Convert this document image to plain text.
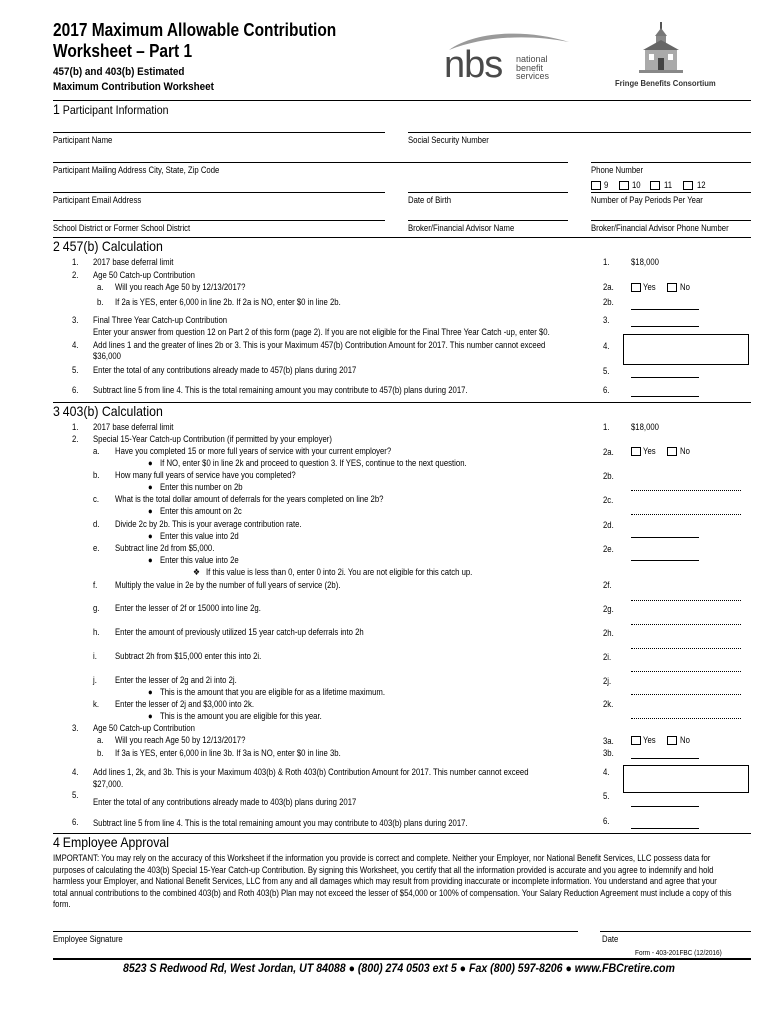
2017 Maximum Allowable Contribution
Worksheet – Part 1
457(b) and 403(b) Estimated
Maximum Contribution Worksheet
nbs national
benefit
services
Fringe Benefits Consortium
1 Participant Information
Participant Name	Social Security Number
Participant Mailing Address City, State, Zip Code	Phone Number
9	10	11	12
Participant Email Address	Date of Birth	Number of Pay Periods Per Year
School District or Former School District	Broker/Financial Advisor Name	Broker/Financial Advisor Phone Number
2 457(b) Calculation
1. 2017 base deferral limit	1. $18,000
2. Age 50 Catch-up Contribution
a. Will you reach Age 50 by 12/13/2017?	2a.	Yes	No
b. If 2a is YES, enter 6,000 in line 2b. If 2a is NO, enter $0 in line 2b.	2b.
3. Final Three Year Catch-up Contribution	3.
Enter your answer from question 12 on Part 2 of this form (page 2). If you are not eligible for the Final Three Year Catch -up, enter $0.
4. Add lines 1 and the greater of lines 2b or 3. This is your Maximum 457(b) Contribution Amount for 2017. This number cannot exceed
$36,000
4.
5. Enter the total of any contributions already made to 457(b) plans during 2017	5.
6. Subtract line 5 from line 4. This is the total remaining amount you may contribute to 457(b) plans during 2017.	6.
3 403(b) Calculation
1. 2017 base deferral limit	1. $18,000
2. Special 15-Year Catch-up Contribution (if permitted by your employer)
a. Have you completed 15 or more full years of service with your current employer?	2a.	Yes	No
● If NO, enter $0 in line 2k and proceed to question 3. If YES, continue to the next question.
b. How many full years of service have you completed?	2b.
● Enter this number on 2b
c. What is the total dollar amount of deferrals for the years completed on line 2b?	2c.
● Enter this amount on 2c
d. Divide 2c by 2b. This is your average contribution rate.	2d.
● Enter this value into 2d
e. Subtract line 2d from $5,000.	2e.
● Enter this value into 2e
❖ If this value is less than 0, enter 0 into 2i. You are not eligible for this catch up.
f. Multiply the value in 2e by the number of full years of service (2b).	2f.
g. Enter the lesser of 2f or 15000 into line 2g.	2g.
h. Enter the amount of previously utilized 15 year catch-up deferrals into 2h	2h.
i. Subtract 2h from $15,000 enter this into 2i.	2i.
j. Enter the lesser of 2g and 2i into 2j.	2j.
● This is the amount that you are eligible for as a lifetime maximum.
k. Enter the lesser of 2j and $3,000 into 2k.	2k.
● This is the amount you are eligible for this year.
3. Age 50 Catch-up Contribution
a. Will you reach Age 50 by 12/13/2017?	3a.	Yes	No
b. If 3a is YES, enter 6,000 in line 3b. If 3a is NO, enter $0 in line 3b.	3b.
4. Add lines 1, 2k, and 3b. This is your Maximum 403(b) & Roth 403(b) Contribution Amount for 2017. This number cannot exceed
$27,000.
4.
5.
Enter the total of any contributions already made to 403(b) plans during 2017
5.
6. Subtract line 5 from line 4. This is the total remaining amount you may contribute to 403(b) plans during 2017.	6.
4 Employee Approval
IMPORTANT: You may rely on the accuracy of this Worksheet if the information you provide is correct and complete. Neither your Employer, nor National Benefit Services, LLC possess data for purposes of calculating the 403(b) Special 15-Year Catch-up Contribution. By signing this Worksheet, you certify that all the information provided is accurate and you agree to indemnify and hold harmless your Employer, and National Benefit Services, LLC from any and all damages which may result from providing inaccurate or incomplete information. You understand and agree that your total annual contributions to the combined 403(b) and Roth 403(b) Plan may not exceed the lesser of $54,000 or 100% of compensation. Your Salary Reduction Agreement must include a copy of this form.
Employee Signature	Date
Form - 403-201FBC (12/2016)
8523 S Redwood Rd, West Jordan, UT 84088 ● (800) 274 0503 ext 5 ● Fax (800) 597-8206 ● www.FBCretire.com
